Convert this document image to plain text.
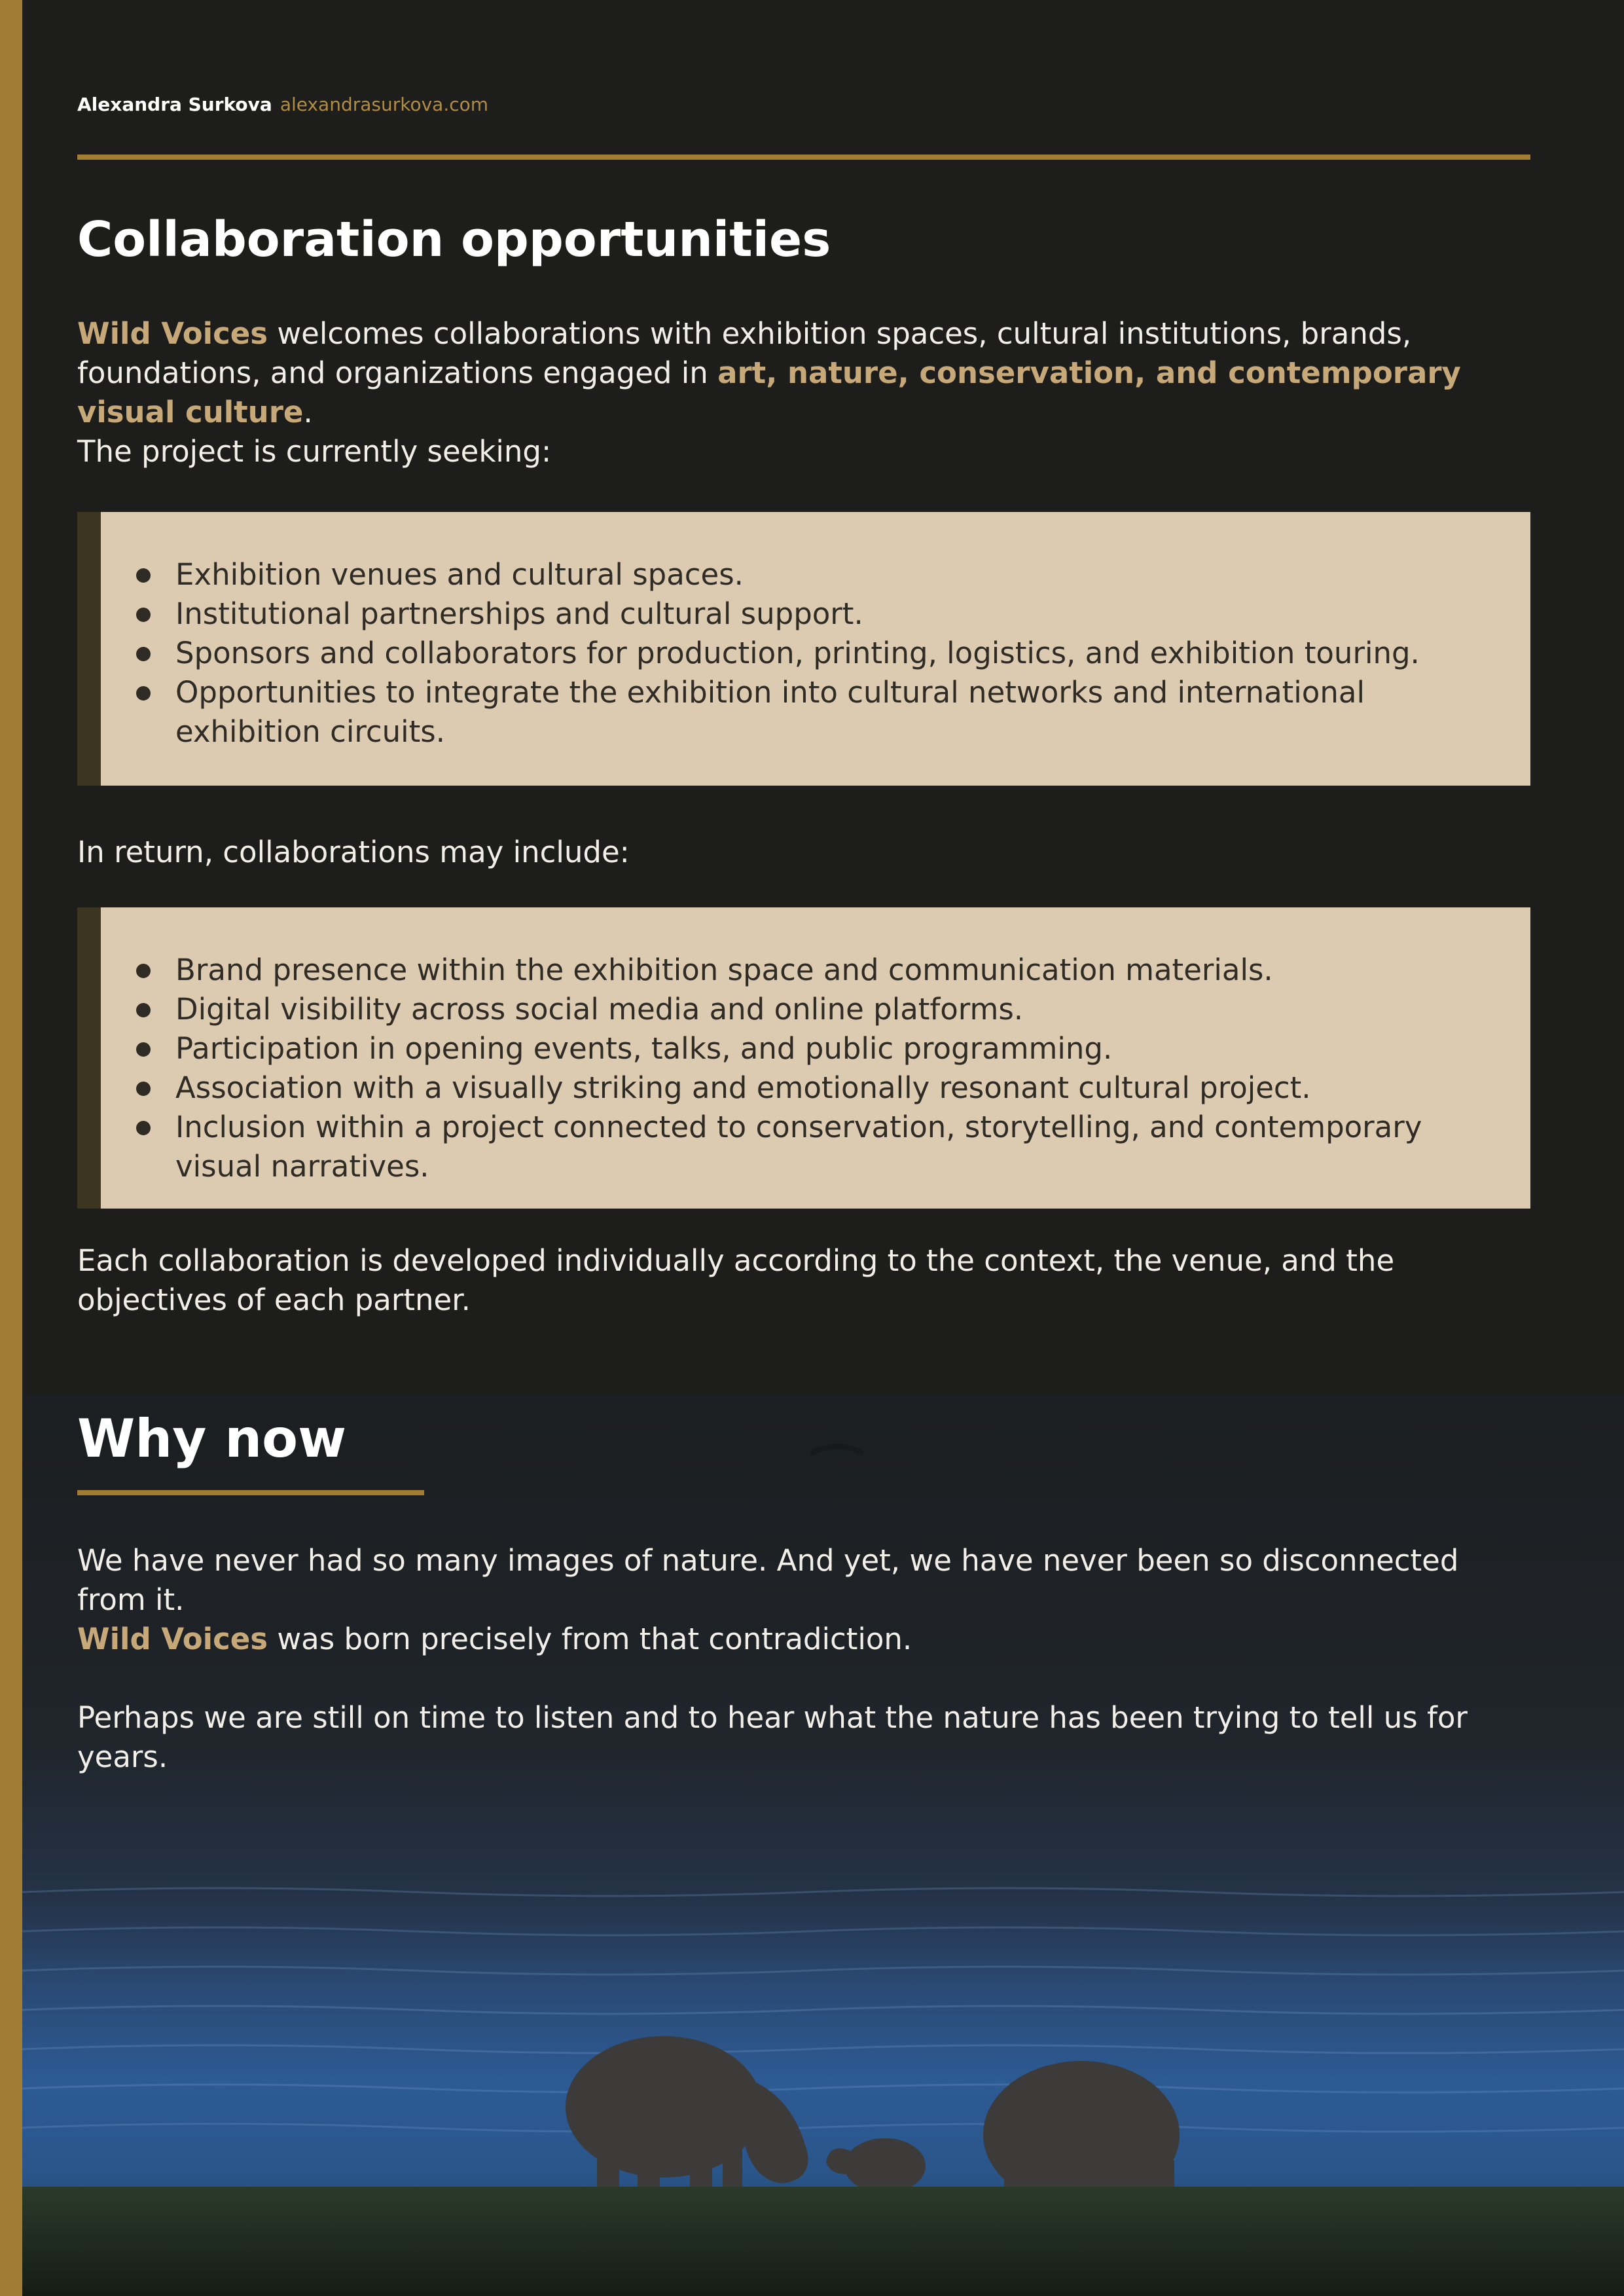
Alexandra Surkova alexandrasurkova.com
Collaboration opportunities

Wild Voices welcomes collaborations with exhibition spaces, cultural institutions, brands, foundations, and organizations engaged in art, nature, conservation, and contemporary visual culture.

The project is currently seeking:

Exhibition venues and cultural spaces.
Institutional partnerships and cultural support.
Sponsors and collaborators for production, printing, logistics, and exhibition touring.
Opportunities to integrate the exhibition into cultural networks and international exhibition circuits.

In return, collaborations may include:

Brand presence within the exhibition space and communication materials.
Digital visibility across social media and online platforms.
Participation in opening events, talks, and public programming.
Association with a visually striking and emotionally resonant cultural project.
Inclusion within a project connected to conservation, storytelling, and contemporary visual narratives.

Each collaboration is developed individually according to the context, the venue, and the objectives of each partner.

Why now

We have never had so many images of nature. And yet, we have never been so disconnected from it.

Wild Voices was born precisely from that contradiction.

Perhaps we are still on time to listen and to hear what the nature has been trying to tell us for years.
